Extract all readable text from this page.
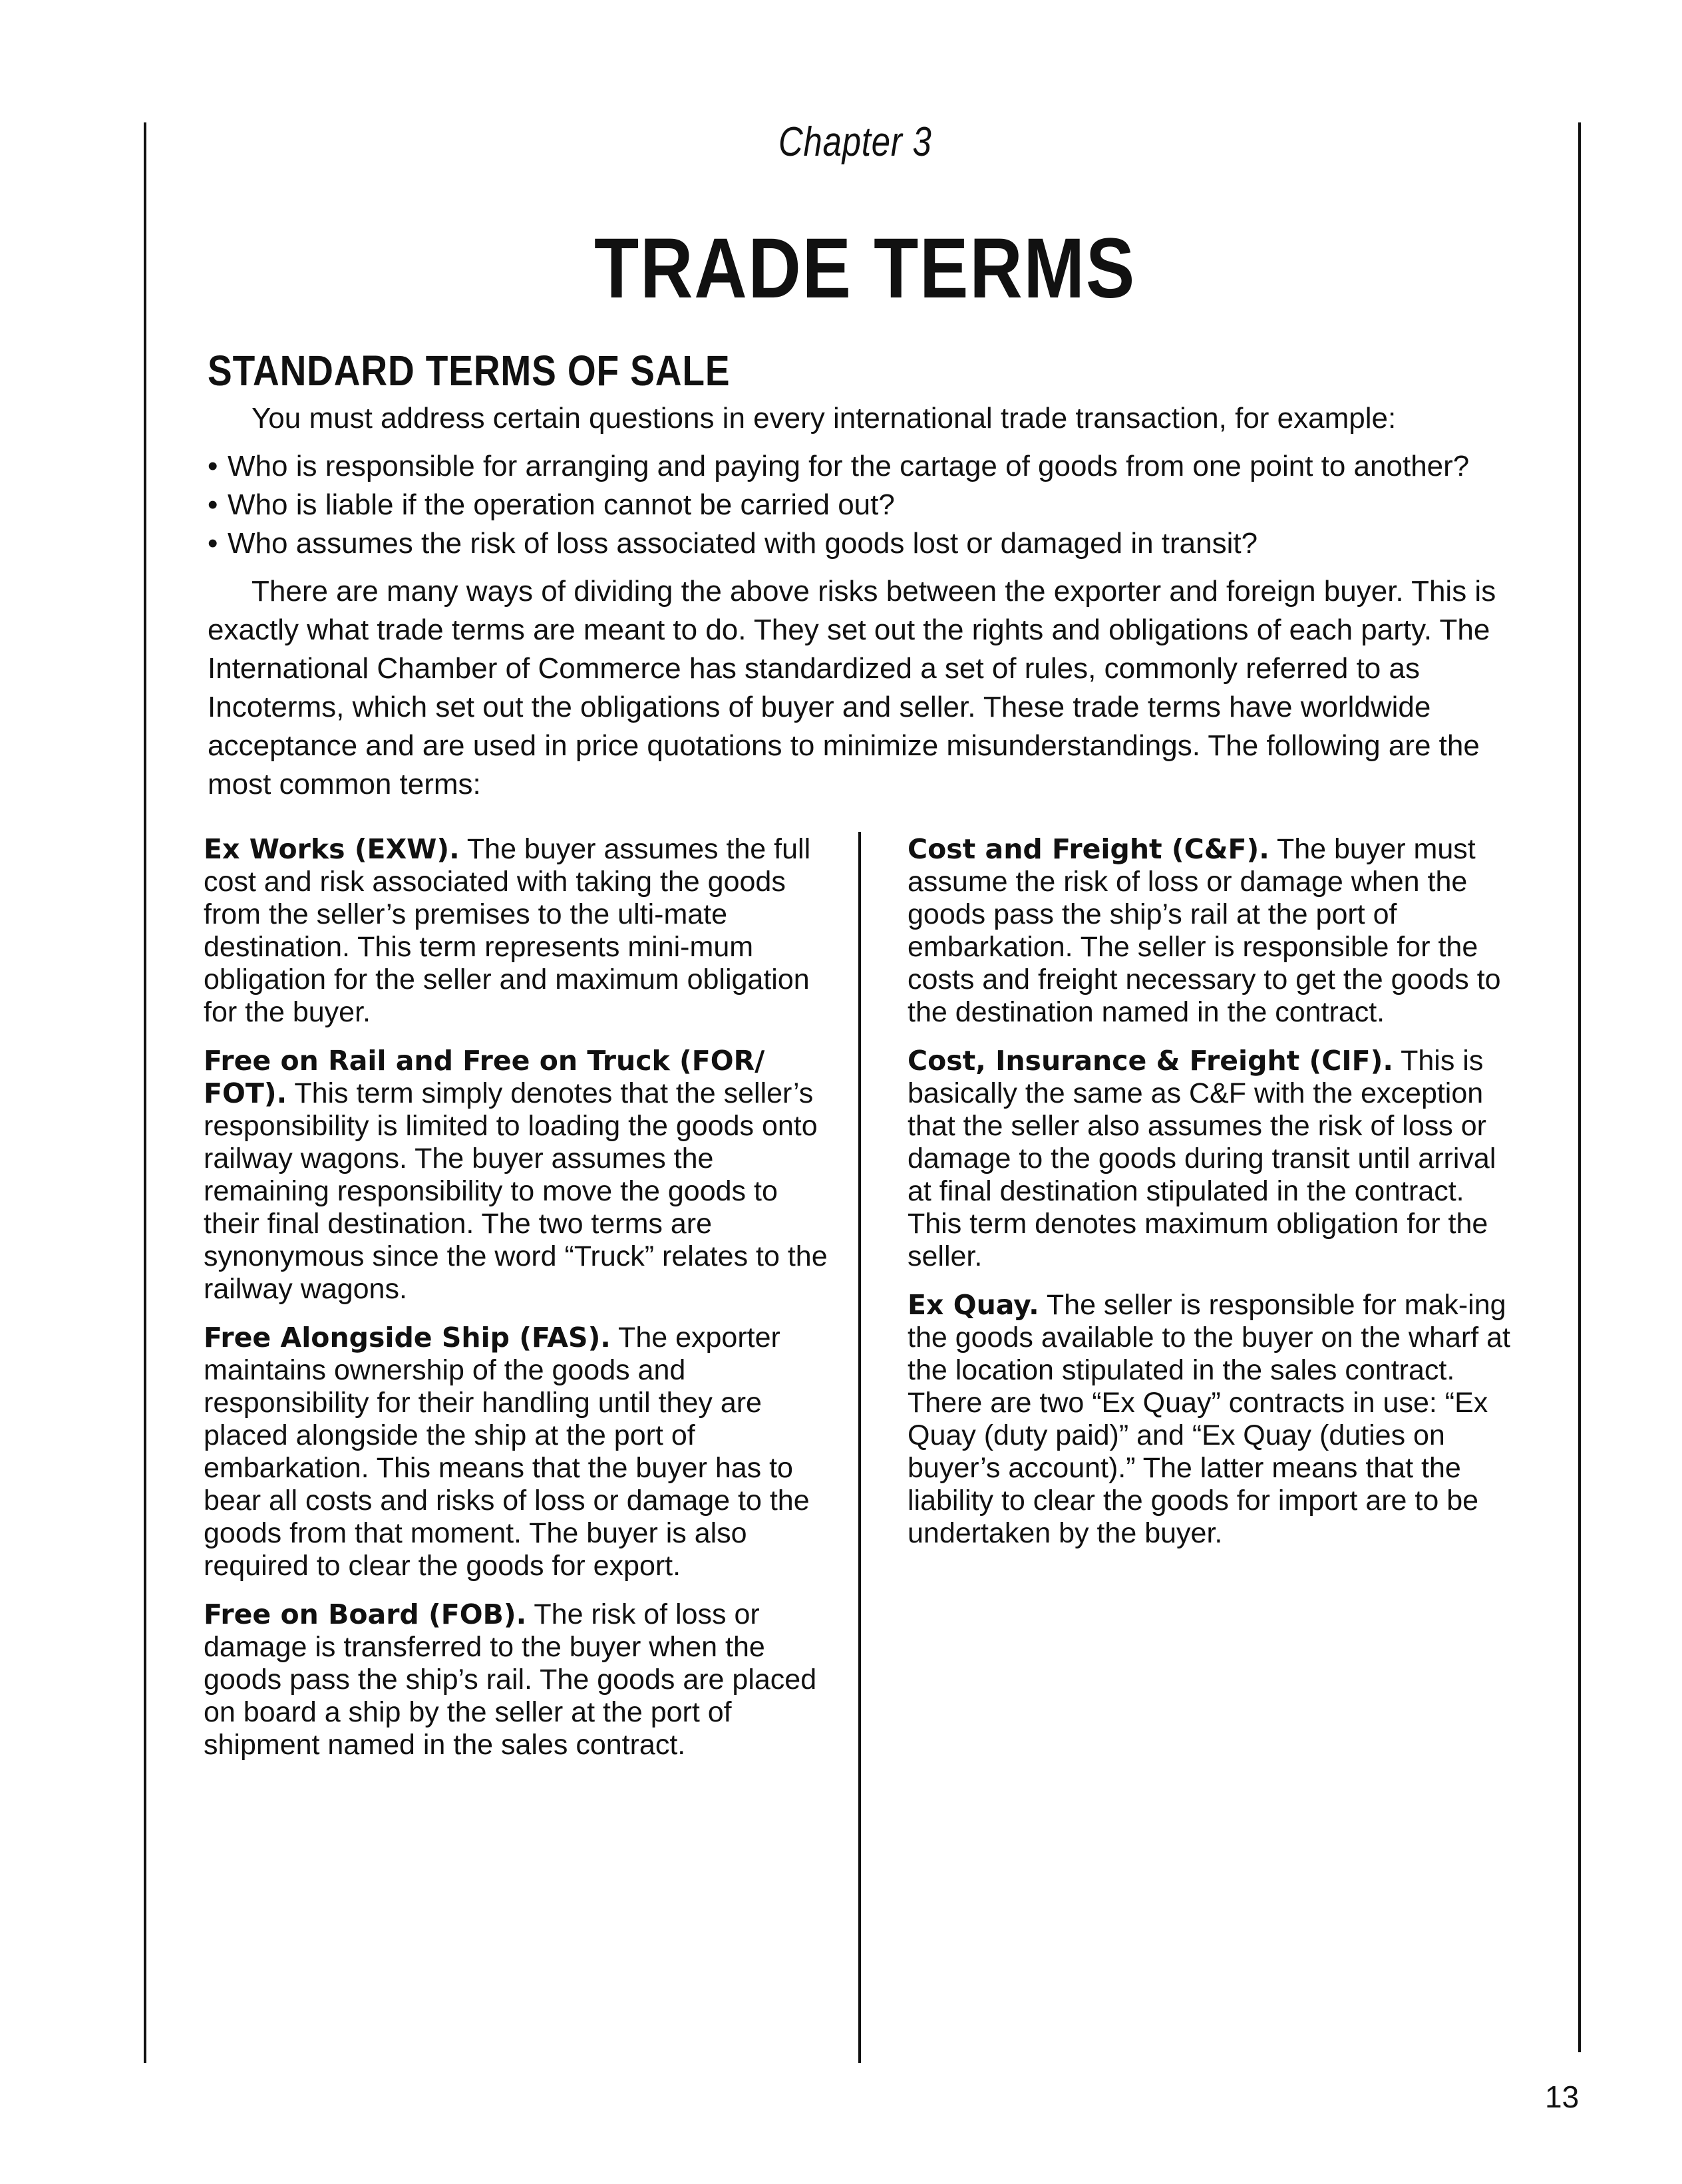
Chapter 3
TRADE TERMS
STANDARD TERMS OF SALE

You must address certain questions in every international trade transaction, for example:

• Who is responsible for arranging and paying for the cartage of goods from one point to another?
• Who is liable if the operation cannot be carried out?
• Who assumes the risk of loss associated with goods lost or damaged in transit?

There are many ways of dividing the above risks between the exporter and foreign buyer. This is exactly what trade terms are meant to do. They set out the rights and obligations of each party. The International Chamber of Commerce has standardized a set of rules, commonly referred to as Incoterms, which set out the obligations of buyer and seller. These trade terms have worldwide acceptance and are used in price quotations to minimize misunderstandings. The following are the most common terms:

Ex Works (EXW). The buyer assumes the full cost and risk associated with taking the goods from the seller’s premises to the ulti-mate destination. This term represents mini-mum obligation for the seller and maximum obligation for the buyer.

Free on Rail and Free on Truck (FOR/ FOT). This term simply denotes that the seller’s responsibility is limited to loading the goods onto railway wagons. The buyer assumes the remaining responsibility to move the goods to their final destination. The two terms are synonymous since the word “Truck” relates to the railway wagons.

Free Alongside Ship (FAS). The exporter maintains ownership of the goods and responsibility for their handling until they are placed alongside the ship at the port of embarkation. This means that the buyer has to bear all costs and risks of loss or damage to the goods from that moment. The buyer is also required to clear the goods for export.

Free on Board (FOB). The risk of loss or damage is transferred to the buyer when the goods pass the ship’s rail. The goods are placed on board a ship by the seller at the port of shipment named in the sales contract.

Cost and Freight (C&F). The buyer must assume the risk of loss or damage when the goods pass the ship’s rail at the port of embarkation. The seller is responsible for the costs and freight necessary to get the goods to the destination named in the contract.

Cost, Insurance & Freight (CIF). This is basically the same as C&F with the exception that the seller also assumes the risk of loss or damage to the goods during transit until arrival at final destination stipulated in the contract. This term denotes maximum obligation for the seller.

Ex Quay. The seller is responsible for mak-ing the goods available to the buyer on the wharf at the location stipulated in the sales contract. There are two “Ex Quay” contracts in use: “Ex Quay (duty paid)” and “Ex Quay (duties on buyer’s account).” The latter means that the liability to clear the goods for import are to be undertaken by the buyer.

13
